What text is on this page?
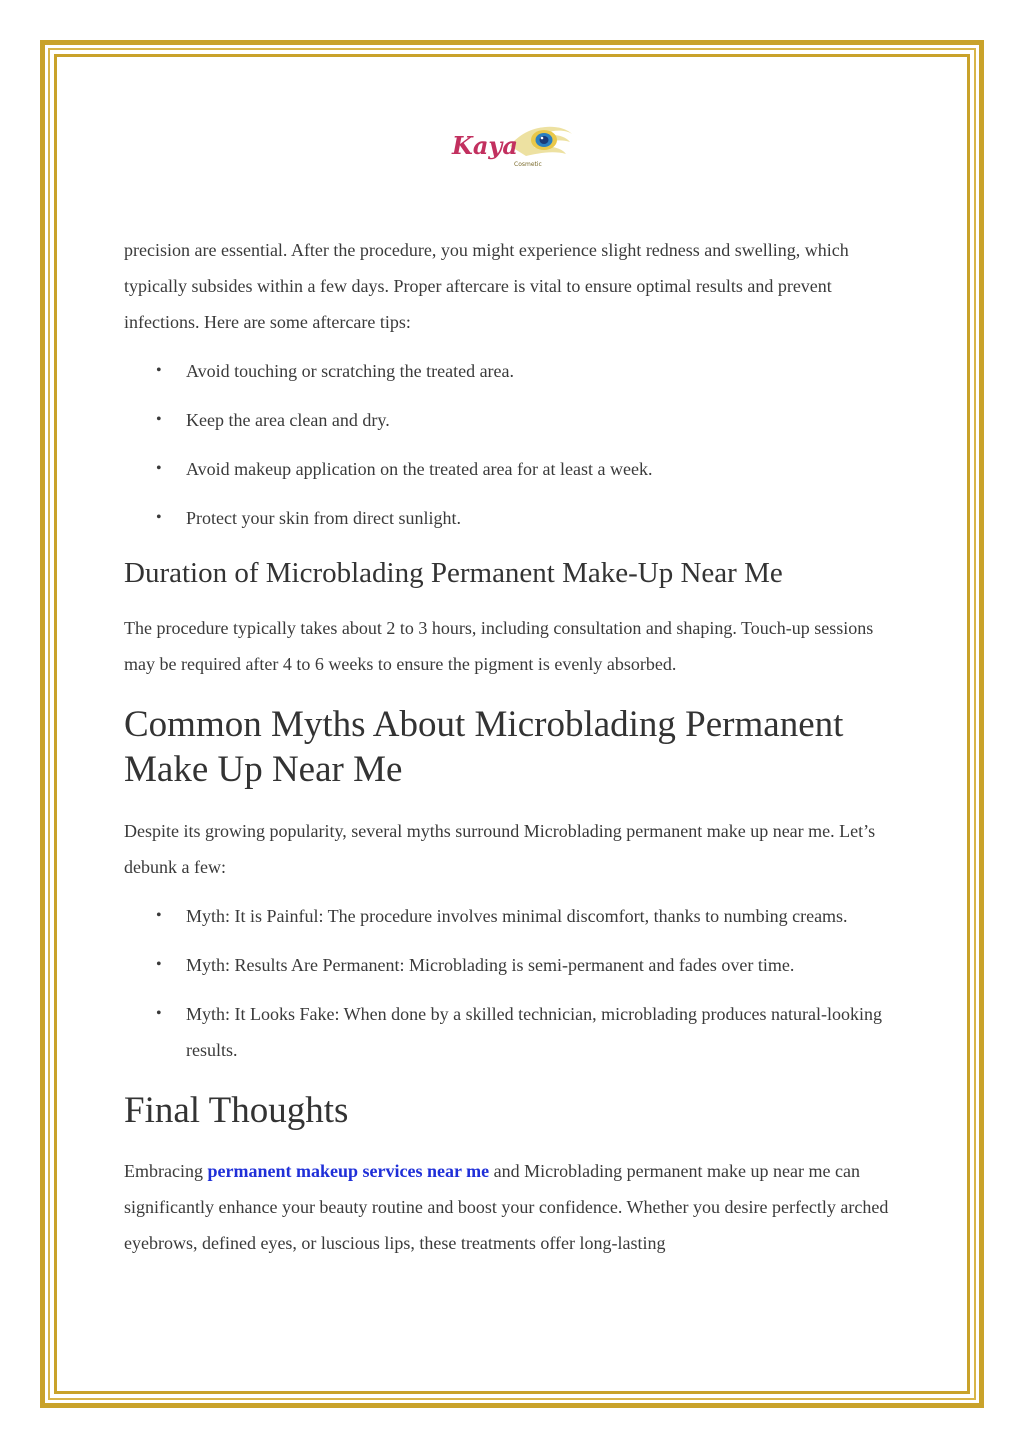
Kaya
Cosmetic

precision are essential. After the procedure, you might experience slight redness and swelling, which typically subsides within a few days. Proper aftercare is vital to ensure optimal results and prevent infections. Here are some aftercare tips:

• Avoid touching or scratching the treated area.
• Keep the area clean and dry.
• Avoid makeup application on the treated area for at least a week.
• Protect your skin from direct sunlight.
Duration of Microblading Permanent Make-Up Near Me

The procedure typically takes about 2 to 3 hours, including consultation and shaping. Touch-up sessions may be required after 4 to 6 weeks to ensure the pigment is evenly absorbed.

Common Myths About Microblading Permanent Make Up Near Me

Despite its growing popularity, several myths surround Microblading permanent make up near me. Let’s debunk a few:

• Myth: It is Painful: The procedure involves minimal discomfort, thanks to numbing creams.
• Myth: Results Are Permanent: Microblading is semi-permanent and fades over time.
• Myth: It Looks Fake: When done by a skilled technician, microblading produces natural-looking results.
Final Thoughts

Embracing permanent makeup services near me and Microblading permanent make up near me can significantly enhance your beauty routine and boost your confidence. Whether you desire perfectly arched eyebrows, defined eyes, or luscious lips, these treatments offer long-lasting
